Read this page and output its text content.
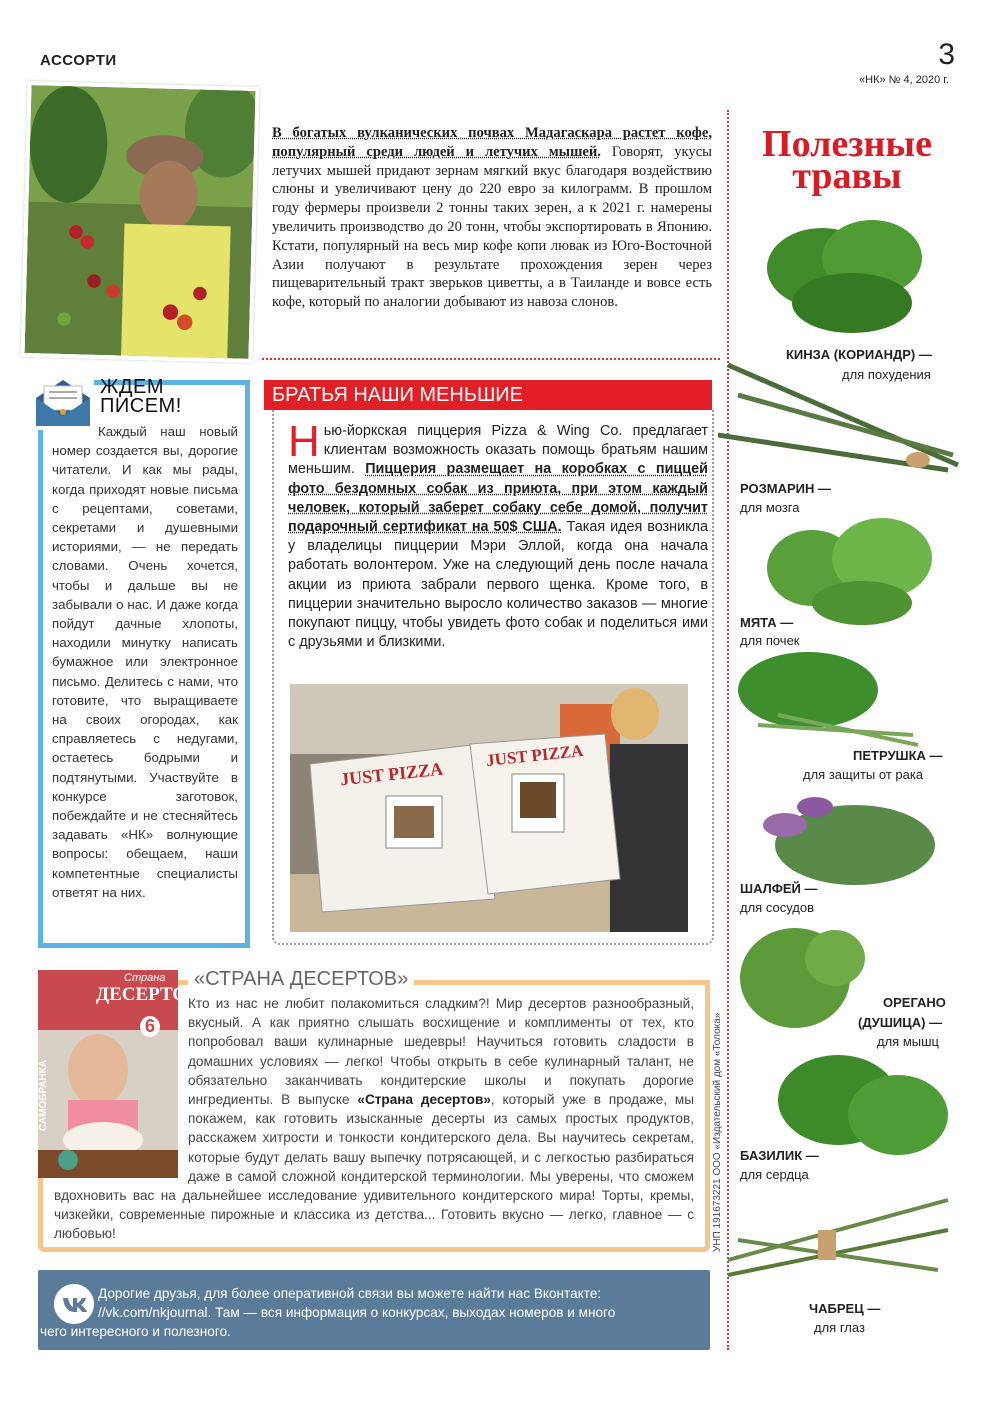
АССОРТИ	3
«НК» № 4, 2020 г.
В богатых вулканических почвах Мадагаскара растет кофе, популярный среди людей и летучих мышей. Говорят, укусы летучих мышей придают зернам мягкий вкус благодаря воздействию слюны и увеличивают цену до 220 евро за килограмм. В прошлом году фермеры произвели 2 тонны таких зерен, а к 2021 г. намерены увеличить производство до 20 тонн, чтобы экспортировать в Японию. Кстати, популярный на весь мир кофе копи лювак из Юго-Восточной Азии получают в результате прохождения зерен через пищеварительный тракт зверьков циветты, а в Таиланде и вовсе есть кофе, который по аналогии добывают из навоза слонов.
ЖДЕМ
ПИСЕМ!
Каждый наш новый номер создается вы, дорогие читатели. И как мы рады, когда приходят новые письма с рецептами, советами, секретами и душевными историями, — не передать словами. Очень хочется, чтобы и дальше вы не забывали о нас. И даже когда пойдут дачные хлопоты, находили минутку написать бумажное или электронное письмо. Делитесь с нами, что готовите, что выращиваете на своих огородах, как справляетесь с недугами, остаетесь бодрыми и подтянутыми. Участвуйте в конкурсе заготовок, побеждайте и не стесняйтесь задавать «НК» волнующие вопросы: обещаем, наши компетентные специалисты ответят на них.
БРАТЬЯ НАШИ МЕНЬШИЕ
Нью-йоркская пиццерия Pizza & Wing Co. предлагает клиентам возможность оказать помощь братьям нашим меньшим. Пиццерия размещает на коробках с пиццей фото бездомных собак из приюта, при этом каждый человек, который заберет собаку себе домой, получит подарочный сертификат на 50$ США. Такая идея возникла у владелицы пиццерии Мэри Эллой, когда она начала работать волонтером. Уже на следующий день после начала акции из приюта забрали первого щенка. Кроме того, в пиццерии значительно выросло количество заказов — многие покупают пиццу, чтобы увидеть фото собак и поделиться ими с друзьями и близкими.
JUST PIZZA
JUST PIZZA
Полезные
травы
КИНЗА (КОРИАНДР) —
для похудения
РОЗМАРИН —
для мозга
МЯТА —
для почек
ПЕТРУШКА —
для защиты от рака
ШАЛФЕЙ —
для сосудов
ОРЕГАНО
(ДУШИЦА) —
для мышц
БАЗИЛИК —
для сердца
ЧАБРЕЦ —
для глаз
«СТРАНА ДЕСЕРТОВ»
САМОБРАНКА
Страна
ДЕСЕРТОВ
6
Кто из нас не любит полакомиться сладким?! Мир десертов разнообразный, вкусный. А как приятно слышать восхищение и комплименты от тех, кто попробовал ваши кулинарные шедевры! Научиться готовить сладости в домашних условиях — легко! Чтобы открыть в себе кулинарный талант, не обязательно заканчивать кондитерские школы и покупать дорогие ингредиенты. В выпуске «Страна десертов», который уже в продаже, мы покажем, как готовить изысканные десерты из самых простых продуктов, расскажем хитрости и тонкости кондитерского дела. Вы научитесь секретам, которые будут делать вашу выпечку потрясающей, и с легкостью разбираться даже в самой сложной кондитерской терминологии. Мы уверены, что сможем вдохновить вас на дальнейшее исследование удивительного кондитерского мира! Торты, кремы, чизкейки, современные пирожные и классика из детства... Готовить вкусно — легко, главное — с любовью!
Дорогие друзья, для более оперативной связи вы можете найти нас Вконтакте:
//vk.com/nkjournal. Там — вся информация о конкурсах, выходах номеров и много
чего интересного и полезного.
УНП 191673221 ООО «Издательский дом «Толока»
